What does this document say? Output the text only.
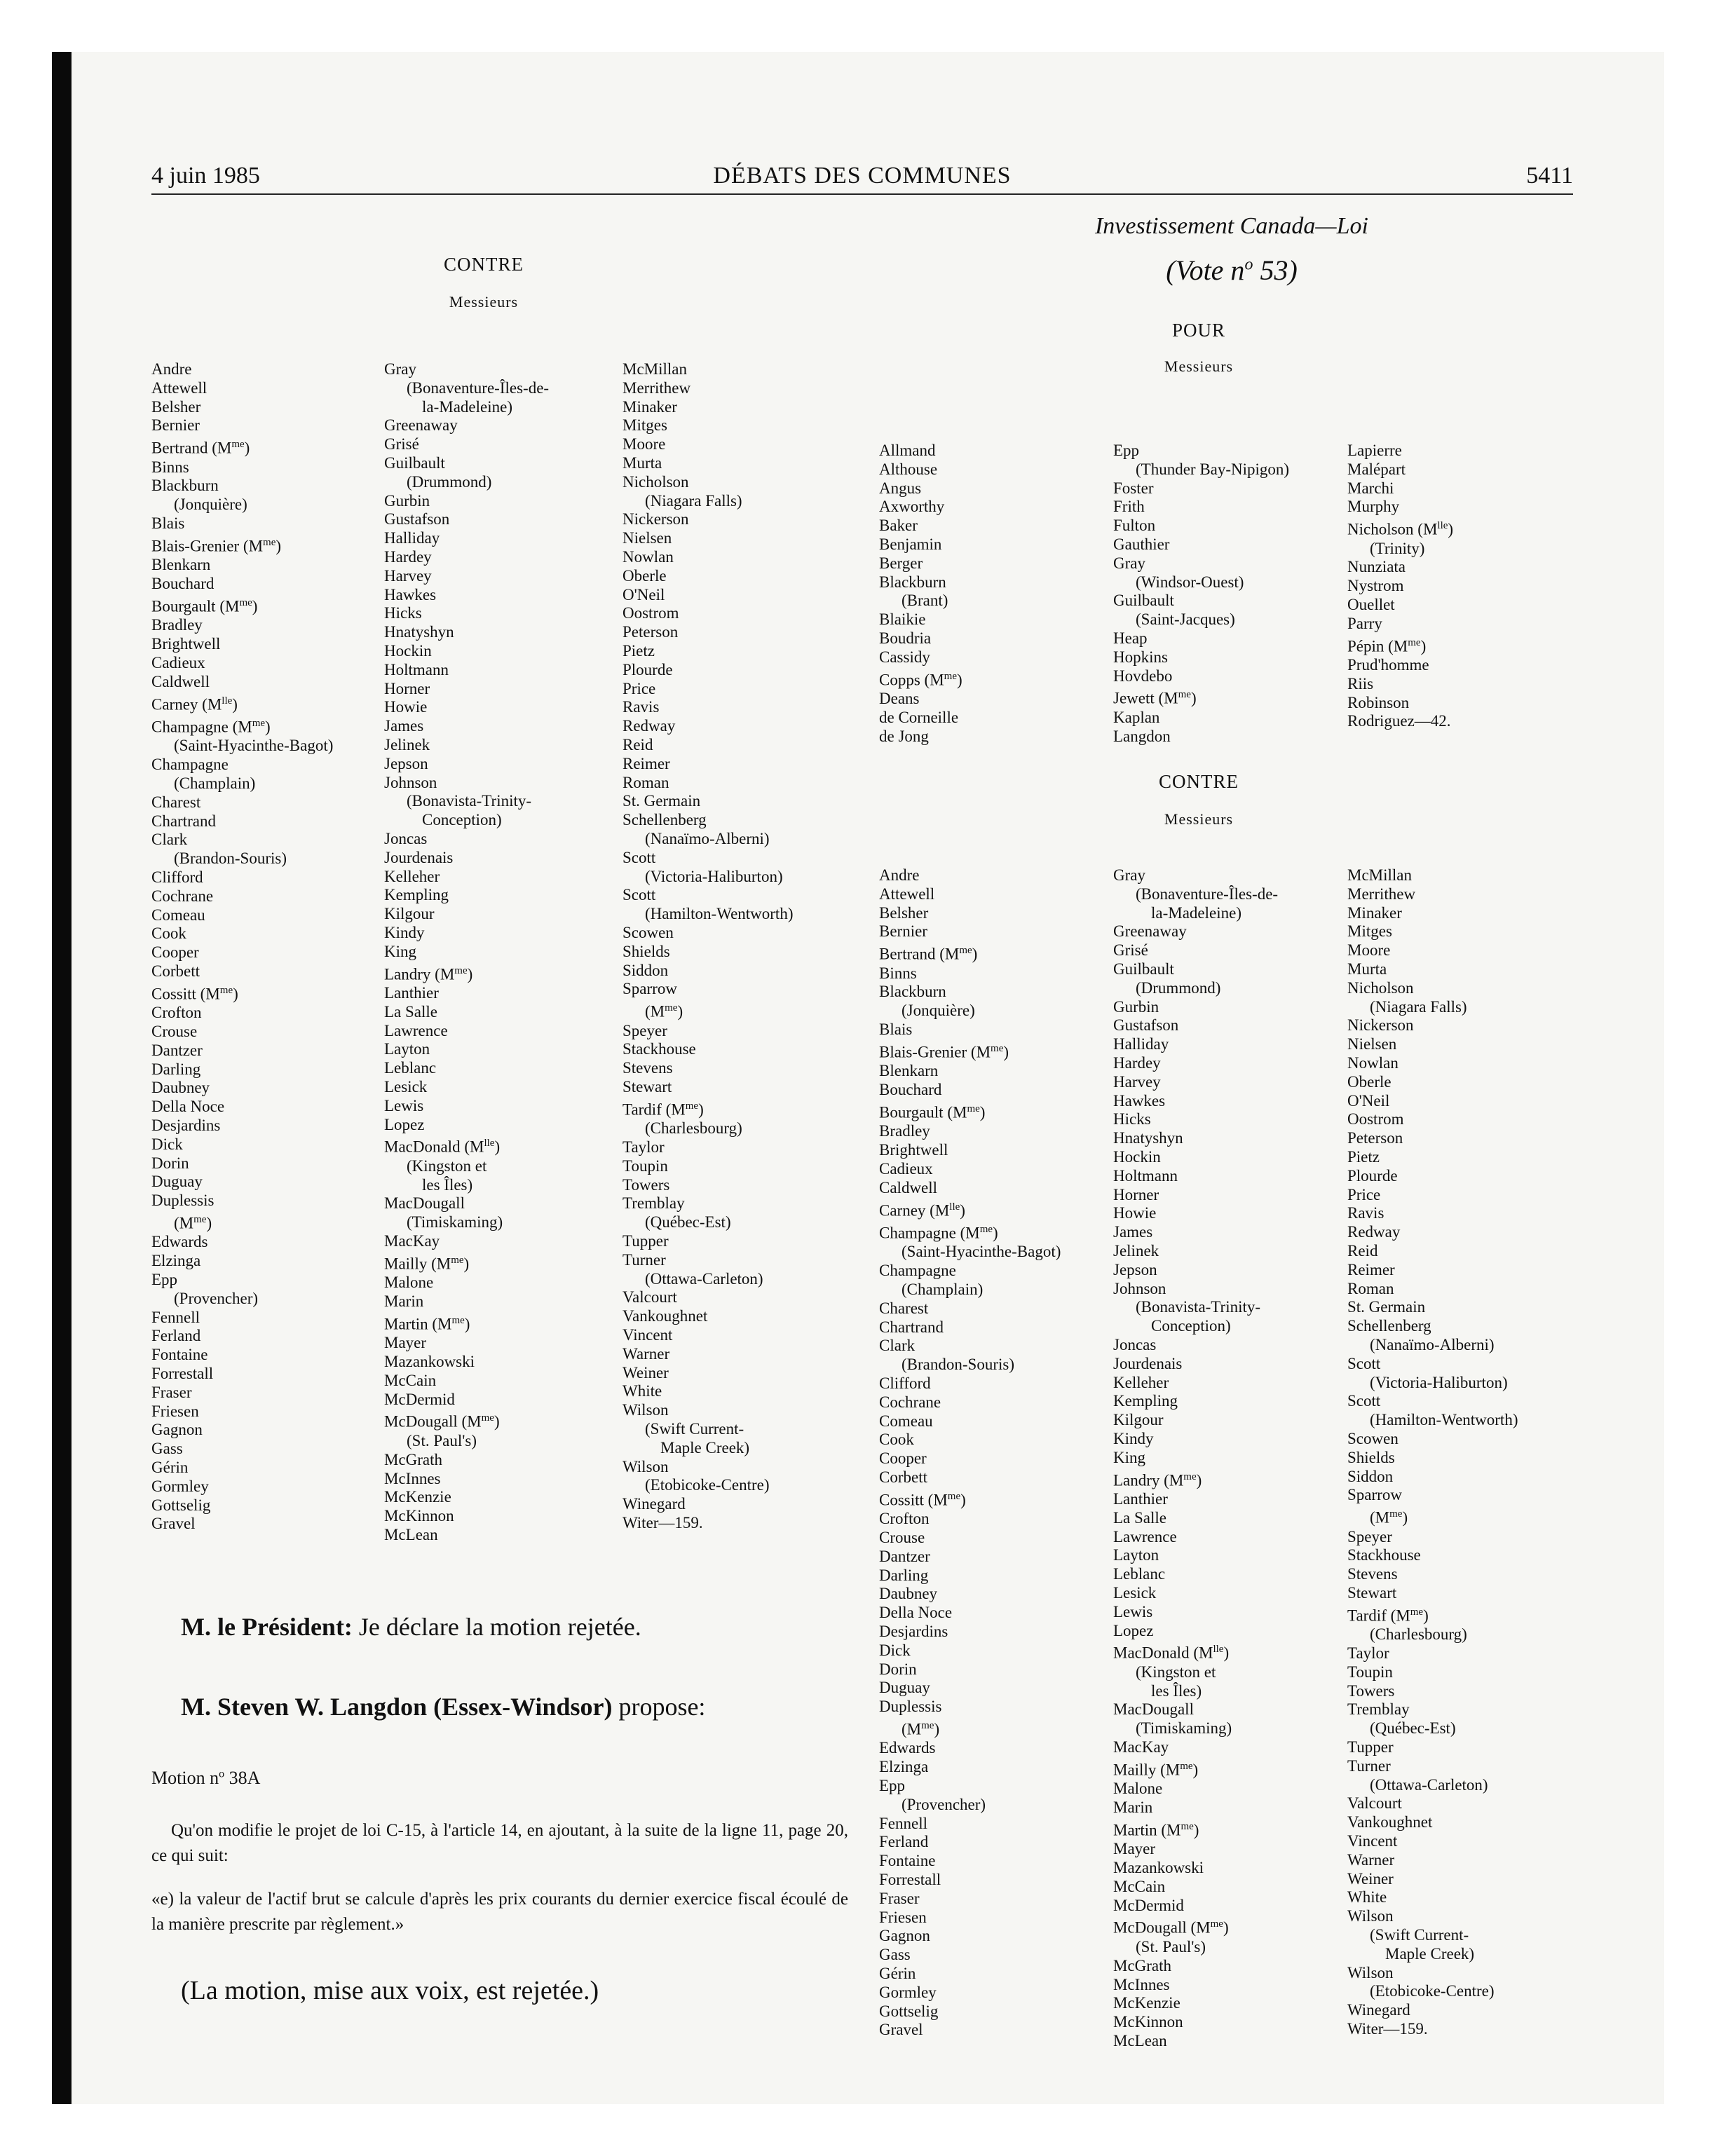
4 juin 1985	DÉBATS DES COMMUNES	5411
CONTRE
Messieurs
Andre
Attewell
Belsher
Bernier
Bertrand $(M^{me})$
Binns
Blackburn
(Jonquière)
Blais
Blais-Grenier $(M^{me})$
Blenkarn
Bouchard
Bourgault $(M^{me})$
Bradley
Brightwell
Cadieux
Caldwell
Carney $(M^{lle})$
Champagne $(M^{me})$
(Saint-Hyacinthe-Bagot)
Champagne
(Champlain)
Charest
Chartrand
Clark
(Brandon-Souris)
Clifford
Cochrane
Comeau
Cook
Cooper
Corbett
Cossitt $(M^{me})$
Crofton
Crouse
Dantzer
Darling
Daubney
Della Noce
Desjardins
Dick
Dorin
Duguay
Duplessis
$(M^{me})$
Edwards
Elzinga
Epp
(Provencher)
Fennell
Ferland
Fontaine
Forrestall
Fraser
Friesen
Gagnon
Gass
Gérin
Gormley
Gottselig
Gravel
Gray
(Bonaventure-Îles-de-
la-Madeleine)
Greenaway
Grisé
Guilbault
(Drummond)
Gurbin
Gustafson
Halliday
Hardey
Harvey
Hawkes
Hicks
Hnatyshyn
Hockin
Holtmann
Horner
Howie
James
Jelinek
Jepson
Johnson
(Bonavista-Trinity-
Conception)
Joncas
Jourdenais
Kelleher
Kempling
Kilgour
Kindy
King
Landry $(M^{me})$
Lanthier
La Salle
Lawrence
Layton
Leblanc
Lesick
Lewis
Lopez
MacDonald $(M^{lle})$
(Kingston et
les Îles)
MacDougall
(Timiskaming)
MacKay
Mailly $(M^{me})$
Malone
Marin
Martin $(M^{me})$
Mayer
Mazankowski
McCain
McDermid
McDougall $(M^{me})$
(St. Paul's)
McGrath
McInnes
McKenzie
McKinnon
McLean
McMillan
Merrithew
Minaker
Mitges
Moore
Murta
Nicholson
(Niagara Falls)
Nickerson
Nielsen
Nowlan
Oberle
O'Neil
Oostrom
Peterson
Pietz
Plourde
Price
Ravis
Redway
Reid
Reimer
Roman
St. Germain
Schellenberg
(Nanaïmo-Alberni)
Scott
(Victoria-Haliburton)
Scott
(Hamilton-Wentworth)
Scowen
Shields
Siddon
Sparrow
$(M^{me})$
Speyer
Stackhouse
Stevens
Stewart
Tardif $(M^{me})$
(Charlesbourg)
Taylor
Toupin
Towers
Tremblay
(Québec-Est)
Tupper
Turner
(Ottawa-Carleton)
Valcourt
Vankoughnet
Vincent
Warner
Weiner
White
Wilson
(Swift Current-
Maple Creek)
Wilson
(Etobicoke-Centre)
Winegard
Witer—159.
Investissement Canada—Loi
(Vote $n^o$ 53)
POUR
Messieurs
Allmand
Althouse
Angus
Axworthy
Baker
Benjamin
Berger
Blackburn
(Brant)
Blaikie
Boudria
Cassidy
Copps $(M^{me})$
Deans
de Corneille
de Jong
Epp
(Thunder Bay-Nipigon)
Foster
Frith
Fulton
Gauthier
Gray
(Windsor-Ouest)
Guilbault
(Saint-Jacques)
Heap
Hopkins
Hovdebo
Jewett $(M^{me})$
Kaplan
Langdon
Lapierre
Malépart
Marchi
Murphy
Nicholson $(M^{lle})$
(Trinity)
Nunziata
Nystrom
Ouellet
Parry
Pépin $(M^{me})$
Prud'homme
Riis
Robinson
Rodriguez—42.
CONTRE
Messieurs
Andre
Attewell
Belsher
Bernier
Bertrand $(M^{me})$
Binns
Blackburn
(Jonquière)
Blais
Blais-Grenier $(M^{me})$
Blenkarn
Bouchard
Bourgault $(M^{me})$
Bradley
Brightwell
Cadieux
Caldwell
Carney $(M^{lle})$
Champagne $(M^{me})$
(Saint-Hyacinthe-Bagot)
Champagne
(Champlain)
Charest
Chartrand
Clark
(Brandon-Souris)
Clifford
Cochrane
Comeau
Cook
Cooper
Corbett
Cossitt $(M^{me})$
Crofton
Crouse
Dantzer
Darling
Daubney
Della Noce
Desjardins
Dick
Dorin
Duguay
Duplessis
$(M^{me})$
Edwards
Elzinga
Epp
(Provencher)
Fennell
Ferland
Fontaine
Forrestall
Fraser
Friesen
Gagnon
Gass
Gérin
Gormley
Gottselig
Gravel
Gray
(Bonaventure-Îles-de-
la-Madeleine)
Greenaway
Grisé
Guilbault
(Drummond)
Gurbin
Gustafson
Halliday
Hardey
Harvey
Hawkes
Hicks
Hnatyshyn
Hockin
Holtmann
Horner
Howie
James
Jelinek
Jepson
Johnson
(Bonavista-Trinity-
Conception)
Joncas
Jourdenais
Kelleher
Kempling
Kilgour
Kindy
King
Landry $(M^{me})$
Lanthier
La Salle
Lawrence
Layton
Leblanc
Lesick
Lewis
Lopez
MacDonald $(M^{lle})$
(Kingston et
les Îles)
MacDougall
(Timiskaming)
MacKay
Mailly $(M^{me})$
Malone
Marin
Martin $(M^{me})$
Mayer
Mazankowski
McCain
McDermid
McDougall $(M^{me})$
(St. Paul's)
McGrath
McInnes
McKenzie
McKinnon
McLean
McMillan
Merrithew
Minaker
Mitges
Moore
Murta
Nicholson
(Niagara Falls)
Nickerson
Nielsen
Nowlan
Oberle
O'Neil
Oostrom
Peterson
Pietz
Plourde
Price
Ravis
Redway
Reid
Reimer
Roman
St. Germain
Schellenberg
(Nanaïmo-Alberni)
Scott
(Victoria-Haliburton)
Scott
(Hamilton-Wentworth)
Scowen
Shields
Siddon
Sparrow
$(M^{me})$
Speyer
Stackhouse
Stevens
Stewart
Tardif $(M^{me})$
(Charlesbourg)
Taylor
Toupin
Towers
Tremblay
(Québec-Est)
Tupper
Turner
(Ottawa-Carleton)
Valcourt
Vankoughnet
Vincent
Warner
Weiner
White
Wilson
(Swift Current-
Maple Creek)
Wilson
(Etobicoke-Centre)
Winegard
Witer—159.
M. le Président: Je déclare la motion rejetée.
M. Steven W. Langdon (Essex-Windsor) propose:
Motion $n^o$ 38A
Qu'on modifie le projet de loi C-15, à l'article 14, en ajoutant, à la suite de la ligne 11, page 20, ce qui suit:
«e) la valeur de l'actif brut se calcule d'après les prix courants du dernier exercice fiscal écoulé de la manière prescrite par règlement.»
(La motion, mise aux voix, est rejetée.)
